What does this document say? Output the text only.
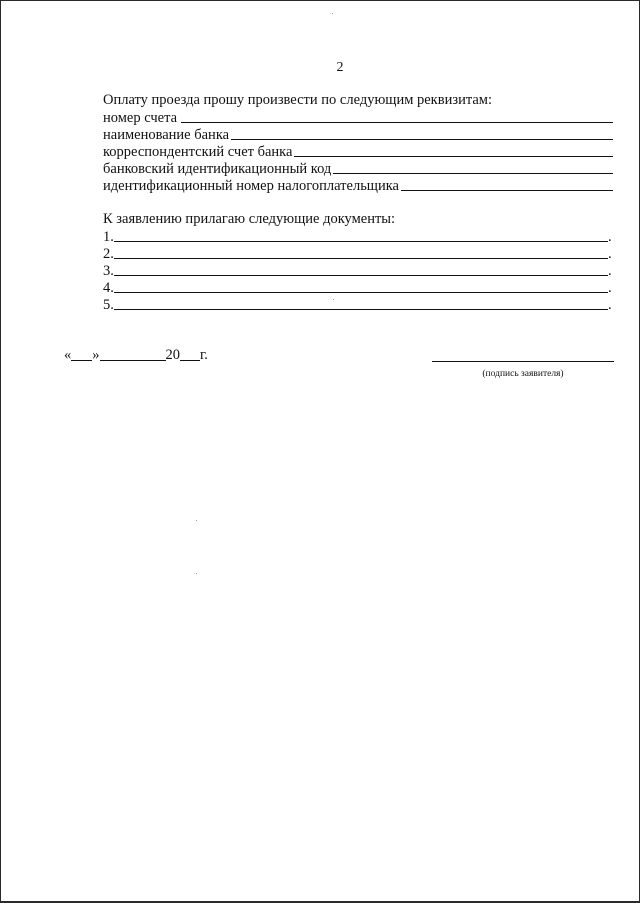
2
Оплату проезда прошу произвести по следующим реквизитам:
номер счета
наименование банка
корреспондентский счет банка
банковский идентификационный код
идентификационный номер налогоплательщика
К заявлению прилагаю следующие документы:
1.	.
2.	.
3.	.
4.	.
5.	.
« »	20 г.
(подпись заявителя)
